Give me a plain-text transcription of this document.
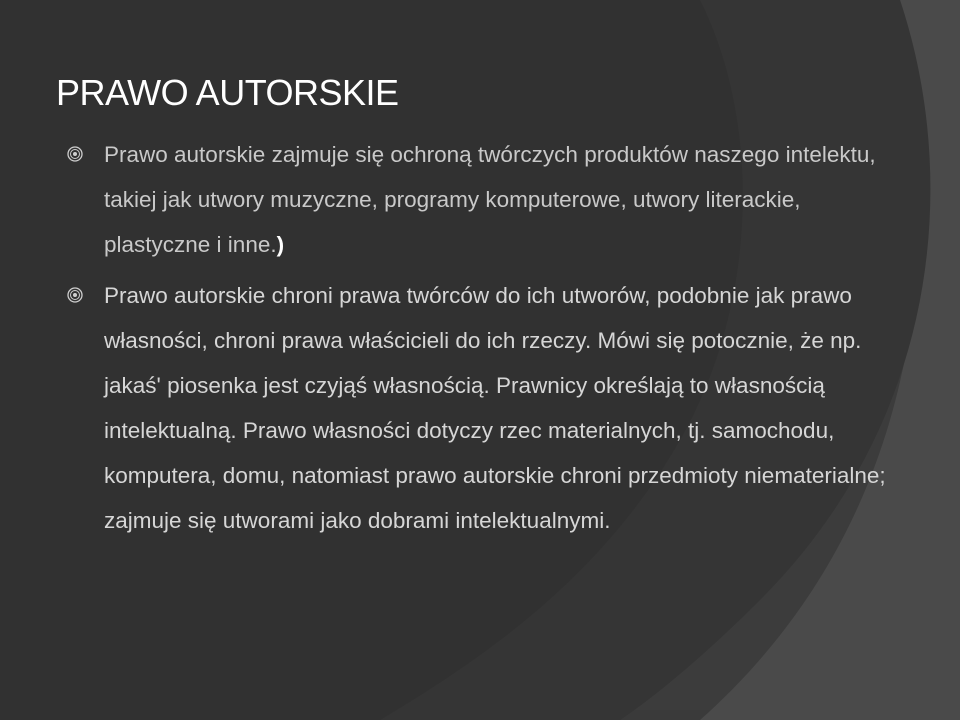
PRAWO AUTORSKIE
Prawo autorskie zajmuje się ochroną twórczych produktów naszego intelektu, takiej jak utwory muzyczne, programy komputerowe, utwory literackie, plastyczne i inne.)
Prawo autorskie chroni prawa twórców do ich utworów, podobnie jak prawo własności, chroni prawa właścicieli do ich rzeczy. Mówi się potocznie, że np. jakaś' piosenka jest czyjąś własnością. Prawnicy określają to własnością intelektualną. Prawo własności dotyczy rzec materialnych, tj. samochodu, komputera, domu, natomiast prawo autorskie chroni przedmioty niematerialne; zajmuje się utworami jako dobrami intelektualnymi.
